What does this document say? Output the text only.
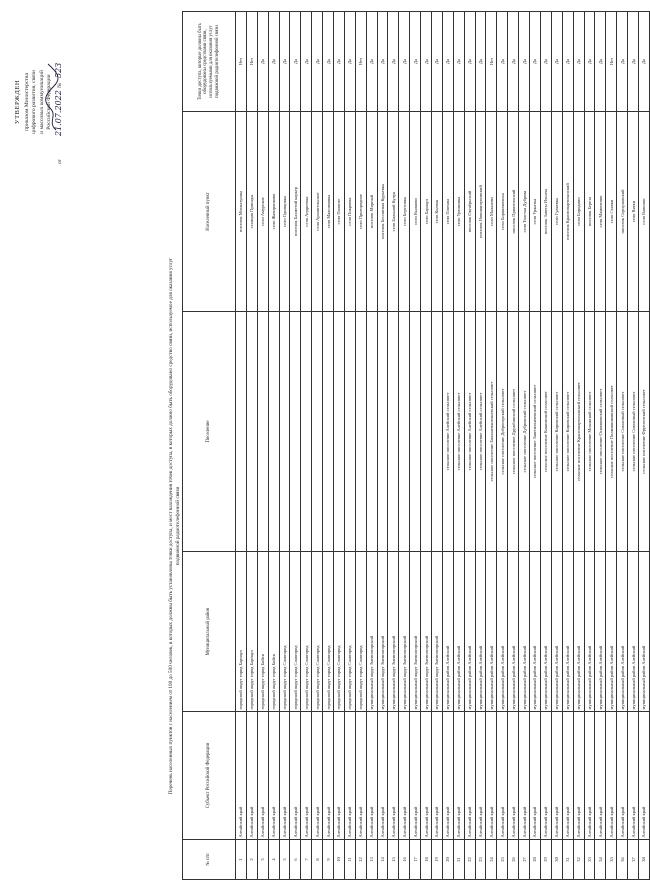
УТВЕРЖДЕН приказом Министерства цифрового развития, связи и массовых коммуникаций Российской Федерации
от
21.07.2022
№
523
Перечень населенных пунктов с населением от 100 до 500 человек, в которых должны быть установлены точки доступа, и мест нахождения точек доступа, в которых должно быть оборудовано средство связи, используемое для оказания услуг подвижной радиотелефонной связи
№ п/п	Субъект Российской Федерации	Муниципальный район	Поселение	Населенный пункт	Точки доступа, которые должны быть оборудованы средствами связи, используемыми для оказания услуг подвижной радиотелефонной связи
1	Алтайский край	городской округ город Барнаул		поселок Мохнатушка	Нет
2	Алтайский край	городской округ город Барнаул		станция Присады	Нет
3	Алтайский край	городской округ город Бийск		село Амурское	Да
4	Алтайский край	городской округ город Бийск		село Жаворонково	Да
5	Алтайский край	городской округ город Славгород		село Одинцовка	Да
6	Алтайский край	городской округ город Славгород		поселок Бахметий карьер	Да
7	Алтайский край	городской округ город Славгород		село Андреевка	Да
8	Алтайский край	городской округ город Славгород		село Архангельское	Да
9	Алтайский край	городской округ город Славгород		село Максимовка	Да
10	Алтайский край	городской округ город Славгород		село Пологое	Да
11	Алтайский край	городской округ город Славгород		село Покровка	Да
12	Алтайский край	городской округ город Славгород		село Пригородное	Нет
13	Алтайский край	муниципальный округ Змеиногорский		поселок Мирный	Да
14	Алтайский край	муниципальный округ Змеиногорский		поселок Беспятная Курьевка	Да
15	Алтайский край	муниципальный округ Змеиногорский		село Большой Кучук	Да
16	Алтайский край	муниципальный округ Змеиногорский		село Березовка	Да
17	Алтайский край	муниципальный округ Змеиногорский		село Вылково	Да
18	Алтайский край	муниципальный округ Змеиногорский		село Барнаул	Да
19	Алтайский край	муниципальный округ Змеиногорский		село Колпак	Да
20	Алтайский край	муниципальный район Алейский	сельское поселение Алейский сельсовет	село Плотава	Да
21	Алтайский край	муниципальный район Алейский	сельское поселение Алейский сельсовет	село Урюпинка	Да
22	Алтайский край	муниципальный район Алейский	сельское поселение Алейский сельсовет	поселок Октябрьский	Да
23	Алтайский край	муниципальный район Алейский	сельское поселение Алейский сельсовет	поселок Новошипуновский	Да
24	Алтайский край	муниципальный район Алейский	сельское поселение Большепанюшевский сельсовет	село Малахово	Нет
25	Алтайский край	муниципальный район Алейский	сельское поселение Доброгорский сельсовет	село Боровлянчиха	Да
26	Алтайский край	муниципальный район Алейский	сельское поселение Дружбинский сельсовет	поселок Приятельский	Да
27	Алтайский край	муниципальный район Алейский	сельское поселение Дубровский сельсовет	село Толстая Дуброва	Да
28	Алтайский край	муниципальный район Алейский	сельское поселение Заветильичевский сельсовет	село Уржатка	Да
29	Алтайский край	муниципальный район Алейский	сельское поселение Кашинский сельсовет	поселок Заветы Ильича	Да
30	Алтайский край	муниципальный район Алейский	сельское поселение Кировский сельсовет	село Гуляевка	Да
31	Алтайский край	муниципальный район Алейский	сельское поселение Кировский сельсовет	поселок Краснопартизанский	Да
32	Алтайский край	муниципальный район Алейский	сельское поселение Краснопартизанский сельсовет	село Бородино	Да
33	Алтайский край	муниципальный район Алейский	сельское поселение Моховской сельсовет	поселок Береза	Да
34	Алтайский край	муниципальный район Алейский	сельское поселение Осколковский сельсовет	село Мамонтово	Да
35	Алтайский край	муниципальный район Алейский	сельское поселение Полковниковский сельсовет	село Ставки	Нет
36	Алтайский край	муниципальный район Алейский	сельское поселение Совхозный сельсовет	поселок Серпуховский	Да
37	Алтайский край	муниципальный район Алейский	сельское поселение Совхозный сельсовет	село Вятки	Да
38	Алтайский край	муниципальный район Алейский	сельское поселение Фрунзенский сельсовет	село Вавилон	Да
